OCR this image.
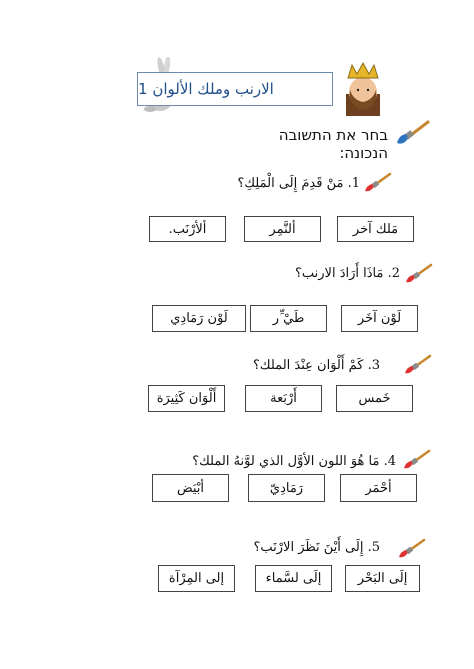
الارنب وملك الألوان 1
בחר את התשובה הנכונה:
1. مَنْ قَدِمَ إِلَى الْمَلِكِ؟
مَلك آخر
ألنَّمِر
ألأرْنَب.
2. مَاذَا أَرَادَ الارنب؟
لَوْن آخَر
طَيْ ِّر
لَوْن رَمَادِي
3. كَمْ أَلْوَان عِنْدَ الملك؟
خَمس
أَرْبَعة
أَلْوَان كَثِيرَة
4. مَا هُوَ اللون الأوَّل الذي لوَّنهُ الملك؟
أحْمَر
رَمَادِيّ
أبْيَض
5. إِلَى أَيْنَ نَظَرَ الارْنَب؟
إلَى البَحْر
إلَى لسَّماء
إلى المِرْآة
